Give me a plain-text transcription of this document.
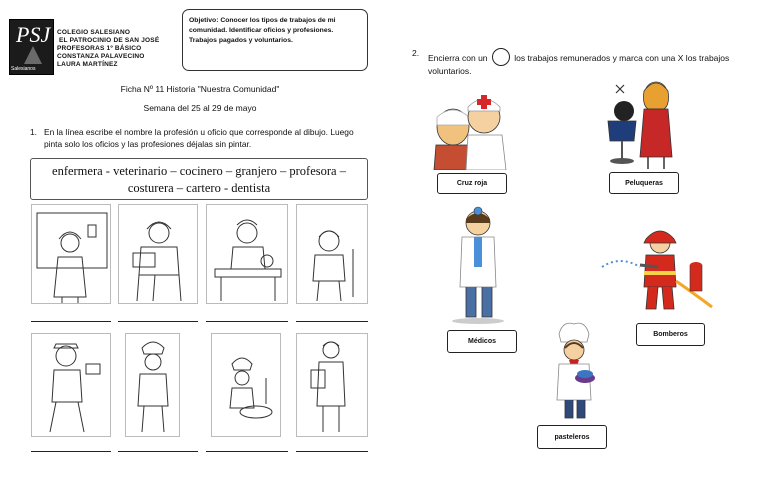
PSJ
Salesianos
COLEGIO SALESIANO
EL PATROCINIO DE SAN JOSÉ
PROFESORAS 1º BÁSICO
CONSTANZA PALAVECINO
LAURA MARTÍNEZ
Objetivo: Conocer los tipos de trabajos de mi comunidad. Identificar oficios y profesiones. Trabajos pagados y voluntarios.
Ficha Nº 11 Historia "Nuestra Comunidad"
Semana del 25 al 29 de mayo
1. En la línea escribe el nombre la profesión u oficio que corresponde al dibujo. Luego pinta solo los oficios y las profesiones déjalas sin pintar.
enfermera - veterinario – cocinero – granjero – profesora –
costurera – cartero - dentista
2. Encierra con un	los trabajos remunerados y marca con una X los trabajos voluntarios.
Cruz roja	Peluqueras
Médicos
Bomberos
pasteleros
